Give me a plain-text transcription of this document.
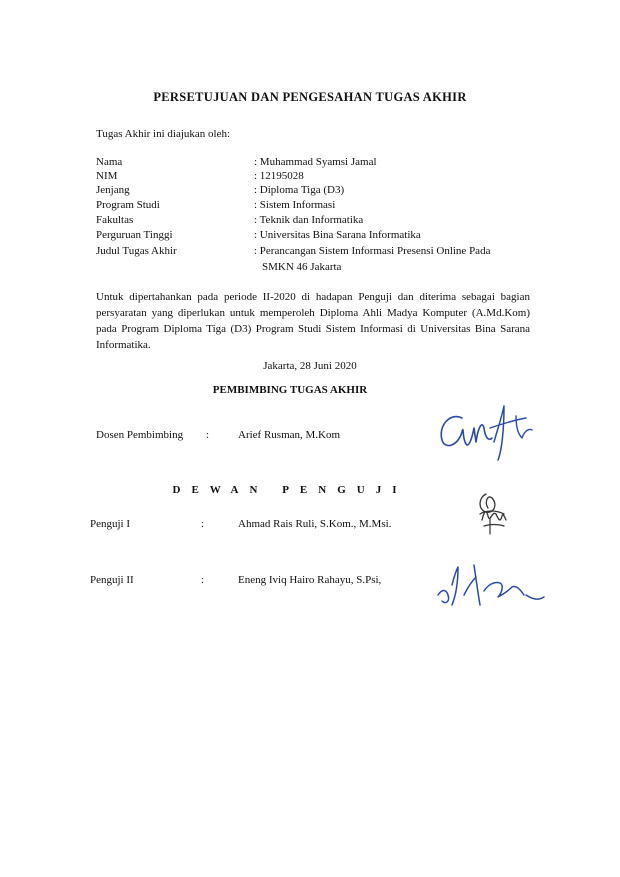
PERSETUJUAN DAN PENGESAHAN TUGAS AKHIR
Tugas Akhir ini diajukan oleh:
Nama	: Muhammad Syamsi Jamal
NIM	: 12195028
Jenjang	: Diploma Tiga (D3)
Program Studi	: Sistem Informasi
Fakultas	: Teknik dan Informatika
Perguruan Tinggi	: Universitas Bina Sarana Informatika
Judul Tugas Akhir	: Perancangan Sistem Informasi Presensi Online Pada
SMKN 46 Jakarta
Untuk dipertahankan pada periode II-2020 di hadapan Penguji dan diterima sebagai bagian persyaratan yang diperlukan untuk memperoleh Diploma Ahli Madya Komputer (A.Md.Kom) pada Program Diploma Tiga (D3) Program Studi Sistem Informasi di Universitas Bina Sarana Informatika.
Jakarta, 28 Juni 2020
PEMBIMBING TUGAS AKHIR
Dosen Pembimbing :	Arief Rusman, M.Kom
DEWAN PENGUJI
Penguji I	:	Ahmad Rais Ruli, S.Kom., M.Msi.
Penguji II	:	Eneng Iviq Hairo Rahayu, S.Psi,
